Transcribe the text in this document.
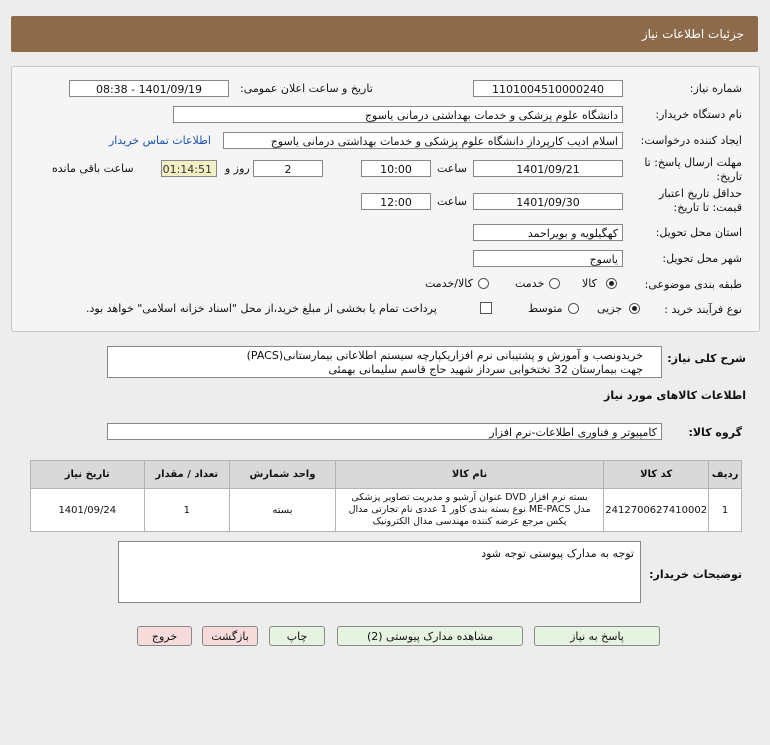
جزئیات اطلاعات نیاز
شماره نیاز:
1101004510000240
تاریخ و ساعت اعلان عمومی:
1401/09/19 - 08:38
نام دستگاه خریدار:
دانشگاه علوم پزشکی و خدمات بهداشتی درمانی یاسوج
ایجاد کننده درخواست:
اسلام ادیب کارپرداز دانشگاه علوم پزشکی و خدمات بهداشتی درمانی یاسوج
اطلاعات تماس خریدار
مهلت ارسال پاسخ: تا
تاریخ:
1401/09/21
ساعت
10:00
2
روز و
01:14:51
ساعت باقی مانده
حداقل تاریخ اعتبار
قیمت: تا تاریخ:
1401/09/30
ساعت
12:00
استان محل تحویل:
کهگیلویه و بویراحمد
شهر محل تحویل:
یاسوج
طبقه بندی موضوعی:
کالا
خدمت
کالا/خدمت
نوع فرآیند خرید :
جزیی
متوسط
پرداخت تمام یا بخشی از مبلغ خرید،از محل "اسناد خزانه اسلامی" خواهد بود.
شرح کلی نیاز:
خریدونصب و آموزش و پشتیبانی نرم افزاریکپارچه سیستم اطلاعاتی بیمارستانی(PACS)
جهت بیمارستان 32 تختخوابی سرداز شهید حاج قاسم سلیمانی بهمئی
اطلاعات کالاهای مورد نیاز
گروه کالا:
کامپیوتر و فناوری اطلاعات-نرم افزار
ردیف	کد کالا	نام کالا	واحد شمارش	تعداد / مقدار	تاریخ نیاز
1	2412700627410002	بسته نرم افزار DVD عنوان آرشیو و مدیریت تصاویر پزشکی
مدل ME-PACS نوع بسته بندی کاور 1 عددی نام تجارتی مدال
پکس مرجع عرضه کننده مهندسی مدال الکترونیک	بسته	1	1401/09/24
توضیحات خریدار:
توجه به مدارک پیوستی توجه شود
پاسخ به نیاز
مشاهده مدارک پیوستی (2)
چاپ
بازگشت
خروج
